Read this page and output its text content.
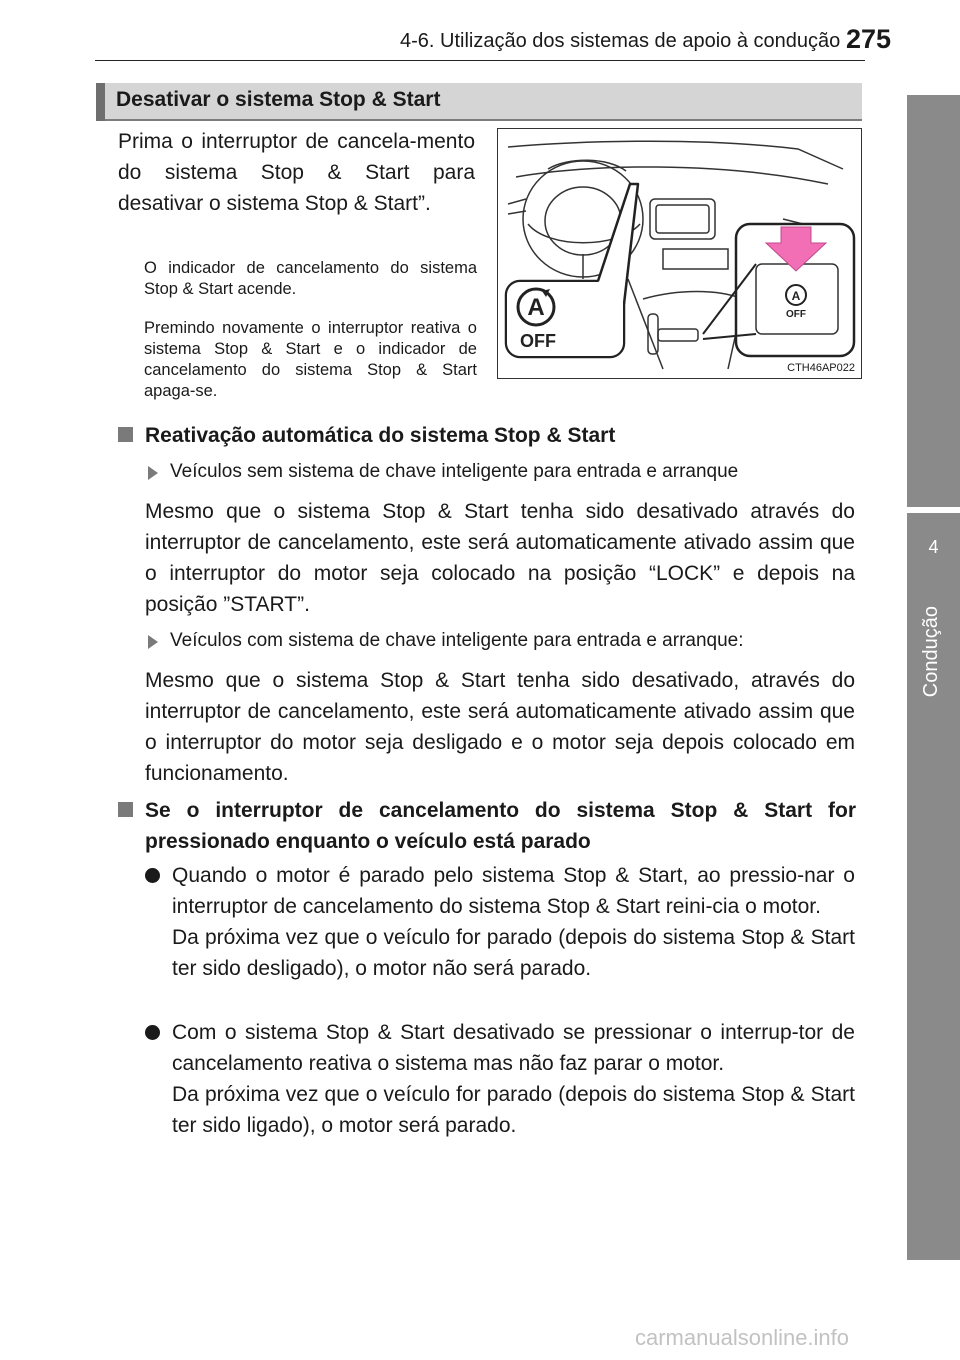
4-6. Utilização dos sistemas de apoio à condução 275
4
Condução
Desativar o sistema Stop & Start
Prima o interruptor de cancela-mento do sistema Stop & Start para desativar o sistema Stop & Start”.
O indicador de cancelamento do sistema Stop & Start acende.
Premindo novamente o interruptor reativa o sistema Stop & Start e o indicador de cancelamento do sistema Stop & Start apaga-se.
A
OFF
A
OFF
CTH46AP022
Reativação automática do sistema Stop & Start
Veículos sem sistema de chave inteligente para entrada e arranque
Mesmo que o sistema Stop & Start tenha sido desativado através do interruptor de cancelamento, este será automaticamente ativado assim que o interruptor do motor seja colocado na posição “LOCK” e depois na posição ”START”.
Veículos com sistema de chave inteligente para entrada e arranque:
Mesmo que o sistema Stop & Start tenha sido desativado, através do interruptor de cancelamento, este será automaticamente ativado assim que o interruptor do motor seja desligado e o motor seja depois colocado em funcionamento.
Se o interruptor de cancelamento do sistema Stop & Start for pressionado enquanto o veículo está parado
Quando o motor é parado pelo sistema Stop & Start, ao pressio-nar o interruptor de cancelamento do sistema Stop & Start reini-cia o motor.
Da próxima vez que o veículo for parado (depois do sistema Stop & Start ter sido desligado), o motor não será parado.
Com o sistema Stop & Start desativado se pressionar o interrup-tor de cancelamento reativa o sistema mas não faz parar o motor.
Da próxima vez que o veículo for parado (depois do sistema Stop & Start ter sido ligado), o motor será parado.
carmanualsonline.info
